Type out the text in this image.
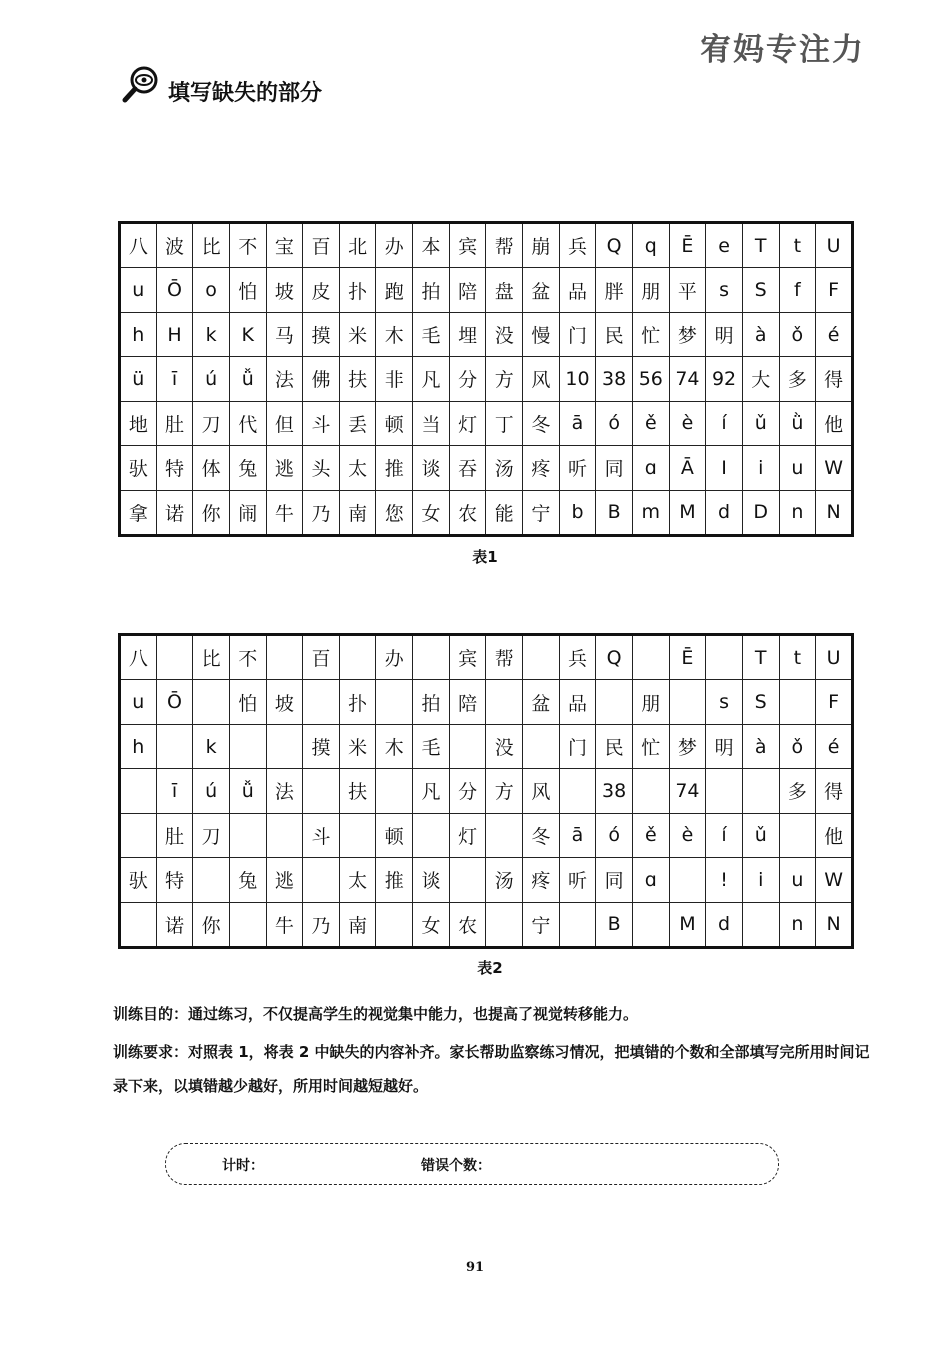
宥妈专注力
填写缺失的部分
八	波	比	不	宝	百	北	办	本	宾	帮	崩	兵	Q	q	Ē	e	T	t	U
u	Ō	o	怕	坡	皮	扑	跑	拍	陪	盘	盆	品	胖	朋	平	s	S	f	F
h	H	k	K	马	摸	米	木	毛	埋	没	慢	门	民	忙	梦	明	à	ǒ	é
ü	ī	ú	ǚ	法	佛	扶	非	凡	分	方	风	10	38	56	74	92	大	多	得
地	肚	刀	代	但	斗	丢	顿	当	灯	丁	冬	ā	ó	ě	è	í	ǔ	ǜ	他
驮	特	体	兔	逃	头	太	推	谈	吞	汤	疼	听	同	ɑ	Ā	I	i	u	W
拿	诺	你	闹	牛	乃	南	您	女	农	能	宁	b	B	m	M	d	D	n	N
表1
八		比	不		百		办		宾	帮		兵	Q		Ē		T	t	U
u	Ō		怕	坡		扑		拍	陪		盆	品		朋		s	S		F
h		k			摸	米	木	毛		没		门	民	忙	梦	明	à	ǒ	é
	ī	ú	ǚ	法		扶		凡	分	方	风		38		74			多	得
	肚	刀			斗		顿		灯		冬	ā	ó	ě	è	í	ǔ		他
驮	特		兔	逃		太	推	谈		汤	疼	听	同	ɑ		!	i	u	W
	诺	你		牛	乃	南		女	农		宁		B		M	d		n	N
表2
训练目的：通过练习，不仅提高学生的视觉集中能力，也提高了视觉转移能力。
训练要求：对照表 1，将表 2 中缺失的内容补齐。家长帮助监察练习情况，把填错的个数和全部填写完所用时间记录下来，以填错越少越好，所用时间越短越好。
计时：	错误个数：
91
